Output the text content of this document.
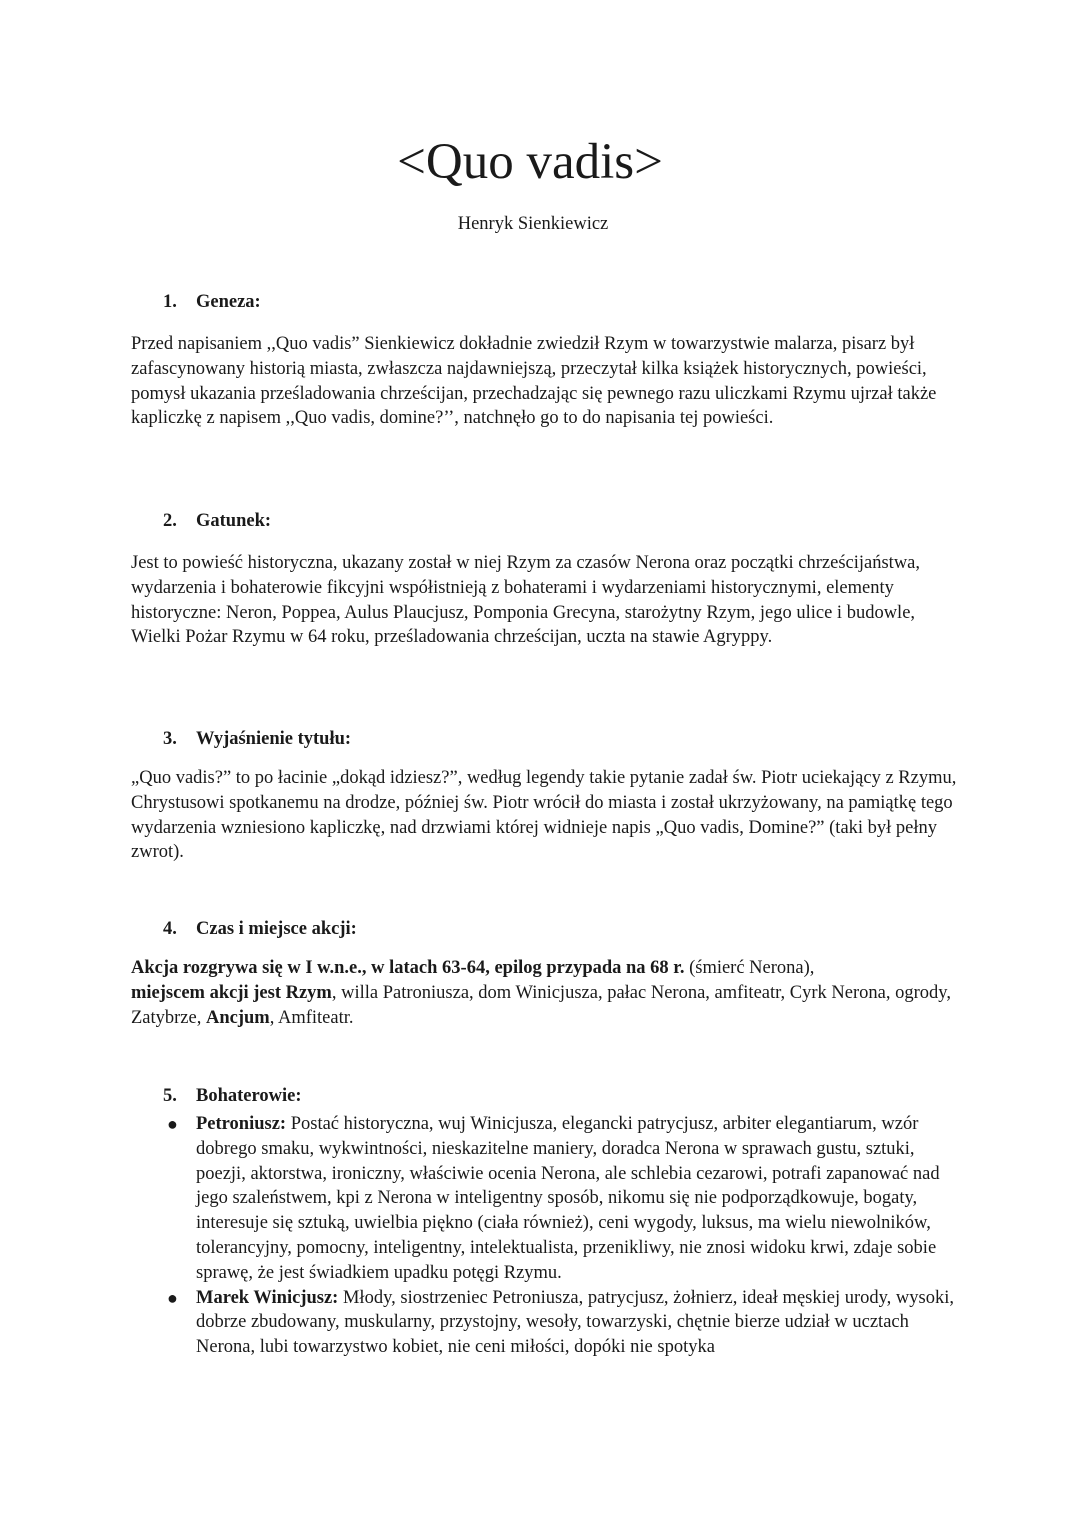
<Quo vadis>

Henryk Sienkiewicz

1.	Geneza:

Przed napisaniem ,,Quo vadis” Sienkiewicz dokładnie zwiedził Rzym w towarzystwie malarza, pisarz był zafascynowany historią miasta, zwłaszcza najdawniejszą, przeczytał kilka książek historycznych, powieści, pomysł ukazania prześladowania chrześcijan, przechadzając się pewnego razu uliczkami Rzymu ujrzał także kapliczkę z napisem ,,Quo vadis, domine?’’, natchnęło go to do napisania tej powieści.

2.	Gatunek:

Jest to powieść historyczna, ukazany został w niej Rzym za czasów Nerona oraz początki chrześcijaństwa, wydarzenia i bohaterowie fikcyjni współistnieją z bohaterami i wydarzeniami historycznymi, elementy historyczne: Neron, Poppea, Aulus Plaucjusz, Pomponia Grecyna, starożytny Rzym, jego ulice i budowle, Wielki Pożar Rzymu w 64 roku, prześladowania chrześcijan, uczta na stawie Agryppy.

3.	Wyjaśnienie tytułu:

„Quo vadis?” to po łacinie „dokąd idziesz?”, według legendy takie pytanie zadał św. Piotr uciekający z Rzymu, Chrystusowi spotkanemu na drodze, później św. Piotr wrócił do miasta i został ukrzyżowany, na pamiątkę tego wydarzenia wzniesiono kapliczkę, nad drzwiami której widnieje napis „Quo vadis, Domine?” (taki był pełny zwrot).

4.	Czas i miejsce akcji:

Akcja rozgrywa się w I w.n.e., w latach 63-64, epilog przypada na 68 r. (śmierć Nerona),
miejscem akcji jest Rzym, willa Patroniusza, dom Winicjusza, pałac Nerona, amfiteatr, Cyrk Nerona, ogrody, Zatybrze, Ancjum, Amfiteatr.

5.	Bohaterowie:
● Petroniusz: Postać historyczna, wuj Winicjusza, elegancki patrycjusz, arbiter elegantiarum, wzór dobrego smaku, wykwintności, nieskazitelne maniery, doradca Nerona w sprawach gustu, sztuki, poezji, aktorstwa, ironiczny, właściwie ocenia Nerona, ale schlebia cezarowi, potrafi zapanować nad jego szaleństwem, kpi z Nerona w inteligentny sposób, nikomu się nie podporządkowuje, bogaty, interesuje się sztuką, uwielbia piękno (ciała również), ceni wygody, luksus, ma wielu niewolników, tolerancyjny, pomocny, inteligentny, intelektualista, przenikliwy, nie znosi widoku krwi, zdaje sobie sprawę, że jest świadkiem upadku potęgi Rzymu.
● Marek Winicjusz: Młody, siostrzeniec Petroniusza, patrycjusz, żołnierz, ideał męskiej urody, wysoki, dobrze zbudowany, muskularny, przystojny, wesoły, towarzyski, chętnie bierze udział w ucztach Nerona, lubi towarzystwo kobiet, nie ceni miłości, dopóki nie spotyka
